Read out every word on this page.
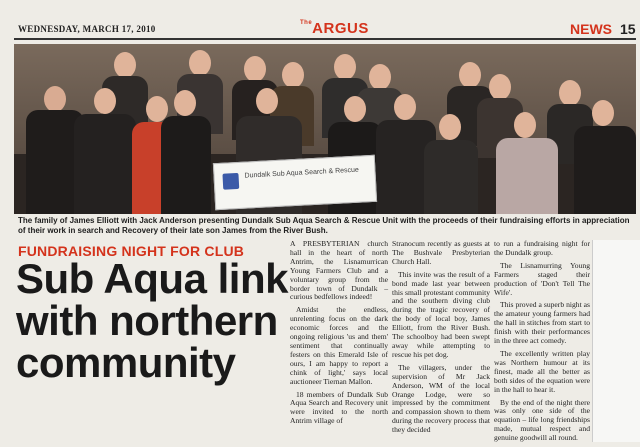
WEDNESDAY, MARCH 17, 2010
$^{The}$ARGUS	NEWS 15
Dundalk Sub Aqua Search & Rescue
The family of James Elliott with Jack Anderson presenting Dundalk Sub Aqua Search & Rescue Unit with the proceeds of their fundraising efforts in appreciation of their work in search and Recovery of their late son James from the River Bush.
FUNDRAISING NIGHT FOR CLUB
Sub Aqua link with northern community

A PRESBYTERIAN church hall in the heart of north Antrim, the Lisnamurrican Young Farmers Club and a voluntary group from the border town of Dundalk – curious bedfellows indeed!

Amidst the endless, unrelenting focus on the dark economic forces and the ongoing religious 'us and them' sentiment that continually festers on this Emerald Isle of ours, I am happy to report a chink of light,' says local auctioneer Tiernan Mallon.

18 members of Dundalk Sub Aqua Search and Recovery unit were invited to the north Antrim village of

Stranocum recently as guests at The Bushvale Presbyterian Church Hall.

This invite was the result of a bond made last year between this small protestant community and the southern diving club during the tragic recovery of the body of local boy, James Elliott, from the River Bush. The schoolboy had been swept away while attempting to rescue his pet dog.

The villagers, under the supervision of Mr Jack Anderson, WM of the local Orange Lodge, were so impressed by the commitment and compassion shown to them during the recovery process that they decided

to run a fundraising night for the Dundalk group.

The Lisnamurring Young Farmers staged their production of 'Don't Tell The Wife'.

This proved a superb night as the amateur young farmers had the hall in stitches from start to finish with their performances in the three act comedy.

The excellently written play was Northern humour at its finest, made all the better as both sides of the equation were in the hall to hear it.

By the end of the night there was only one side of the equation – life long friendships made, mutual respect and genuine goodwill all round.
